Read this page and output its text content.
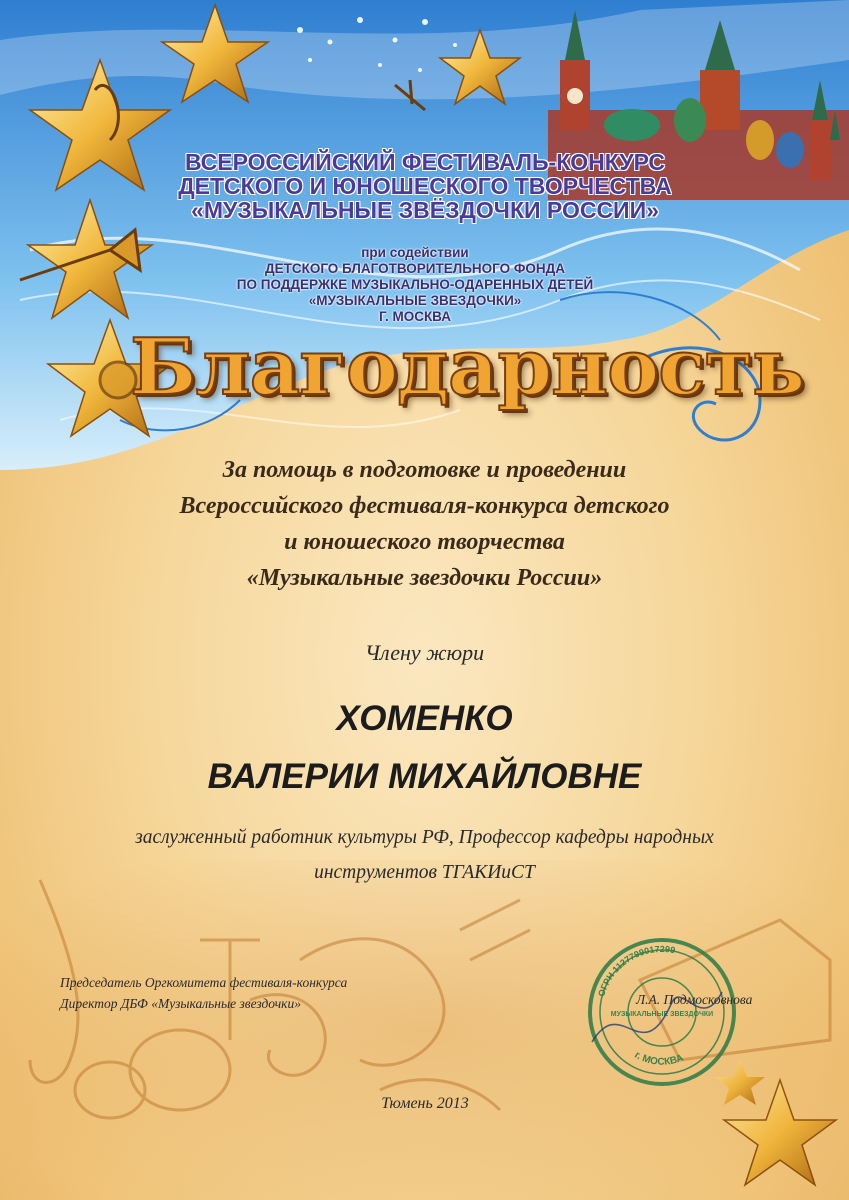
ВСЕРОССИЙСКИЙ ФЕСТИВАЛЬ-КОНКУРС
ДЕТСКОГО И ЮНОШЕСКОГО ТВОРЧЕСТВА
«МУЗЫКАЛЬНЫЕ ЗВЁЗДОЧКИ РОССИИ»
при содействии
ДЕТСКОГО БЛАГОТВОРИТЕЛЬНОГО ФОНДА
ПО ПОДДЕРЖКЕ МУЗЫКАЛЬНО-ОДАРЕННЫХ ДЕТЕЙ
«МУЗЫКАЛЬНЫЕ ЗВЕЗДОЧКИ»
Г. МОСКВА
Благодарность
За помощь в подготовке и проведении
Всероссийского фестиваля-конкурса детского
и юношеского творчества
«Музыкальные звездочки России»
Члену жюри
ХОМЕНКО
ВАЛЕРИИ МИХАЙЛОВНЕ
заслуженный работник культуры РФ, Профессор кафедры народных
инструментов ТГАКИиСТ
ОГРН 1127799017299
г. МОСКВА
МУЗЫКАЛЬНЫЕ ЗВЕЗДОЧКИ
Председатель Оргкомитета фестиваля-конкурса
Директор ДБФ «Музыкальные звездочки»	Л.А. Подмосковнова
Тюмень 2013
